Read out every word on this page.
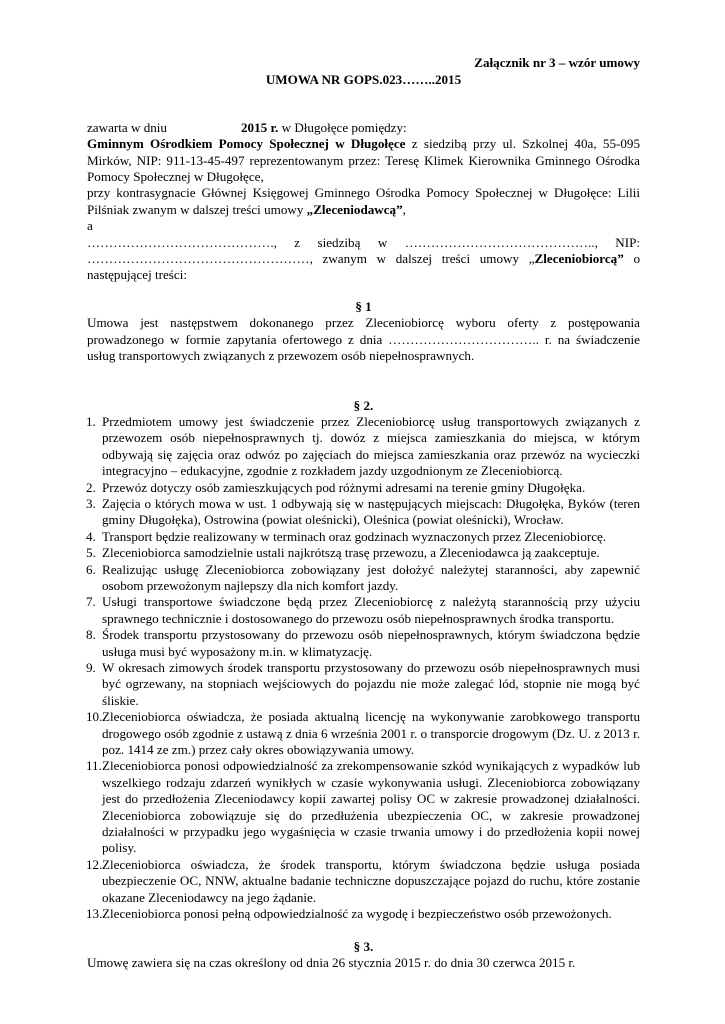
Załącznik nr 3 – wzór umowy
UMOWA NR GOPS.023……..2015
zawarta w dniu	2015 r. w Długołęce pomiędzy:
Gminnym Ośrodkiem Pomocy Społecznej w Długołęce z siedzibą przy ul. Szkolnej 40a, 55-095 Mirków, NIP: 911-13-45-497 reprezentowanym przez: Teresę Klimek Kierownika Gminnego Ośrodka Pomocy Społecznej w Długołęce,
przy kontrasygnacie Głównej Księgowej Gminnego Ośrodka Pomocy Społecznej w Długołęce: Lilii Pilśniak zwanym w dalszej treści umowy „Zleceniodawcą”,
a
……………………………………., z siedzibą w …………………………………….., NIP:
……………………………………………, zwanym w dalszej treści umowy „Zleceniobiorcą” o
następującej treści:
§ 1
Umowa jest następstwem dokonanego przez Zleceniobiorcę wyboru oferty z postępowania prowadzonego w formie zapytania ofertowego z dnia …………………………….. r. na świadczenie usług transportowych związanych z przewozem osób niepełnosprawnych.
§ 2.
1. Przedmiotem umowy jest świadczenie przez Zleceniobiorcę usług transportowych związanych z przewozem osób niepełnosprawnych tj. dowóz z miejsca zamieszkania do miejsca, w którym odbywają się zajęcia oraz odwóz po zajęciach do miejsca zamieszkania oraz przewóz na wycieczki integracyjno – edukacyjne, zgodnie z rozkładem jazdy uzgodnionym ze Zleceniobiorcą.
2. Przewóz dotyczy osób zamieszkujących pod różnymi adresami na terenie gminy Długołęka.
3. Zajęcia o których mowa w ust. 1 odbywają się w następujących miejscach: Długołęka, Byków (teren gminy Długołęka), Ostrowina (powiat oleśnicki), Oleśnica (powiat oleśnicki), Wrocław.
4. Transport będzie realizowany w terminach oraz godzinach wyznaczonych przez Zleceniobiorcę.
5. Zleceniobiorca samodzielnie ustali najkrótszą trasę przewozu, a Zleceniodawca ją zaakceptuje.
6. Realizując usługę Zleceniobiorca zobowiązany jest dołożyć należytej staranności, aby zapewnić osobom przewożonym najlepszy dla nich komfort jazdy.
7. Usługi transportowe świadczone będą przez Zleceniobiorcę z należytą starannością przy użyciu sprawnego technicznie i dostosowanego do przewozu osób niepełnosprawnych środka transportu.
8. Środek transportu przystosowany do przewozu osób niepełnosprawnych, którym świadczona będzie usługa musi być wyposażony m.in. w klimatyzację.
9. W okresach zimowych środek transportu przystosowany do przewozu osób niepełnosprawnych musi być ogrzewany, na stopniach wejściowych do pojazdu nie może zalegać lód, stopnie nie mogą być śliskie.
10. Zleceniobiorca oświadcza, że posiada aktualną licencję na wykonywanie zarobkowego transportu drogowego osób zgodnie z ustawą z dnia 6 września 2001 r. o transporcie drogowym (Dz. U. z 2013 r. poz. 1414 ze zm.) przez cały okres obowiązywania umowy.
11. Zleceniobiorca ponosi odpowiedzialność za zrekompensowanie szkód wynikających z wypadków lub wszelkiego rodzaju zdarzeń wynikłych w czasie wykonywania usługi. Zleceniobiorca zobowiązany jest do przedłożenia Zleceniodawcy kopii zawartej polisy OC w zakresie prowadzonej działalności. Zleceniobiorca zobowiązuje się do przedłużenia ubezpieczenia OC, w zakresie prowadzonej działalności w przypadku jego wygaśnięcia w czasie trwania umowy i do przedłożenia kopii nowej polisy.
12. Zleceniobiorca oświadcza, że środek transportu, którym świadczona będzie usługa posiada ubezpieczenie OC, NNW, aktualne badanie techniczne dopuszczające pojazd do ruchu, które zostanie okazane Zleceniodawcy na jego żądanie.
13. Zleceniobiorca ponosi pełną odpowiedzialność za wygodę i bezpieczeństwo osób przewożonych.
§ 3.
Umowę zawiera się na czas określony od dnia 26 stycznia 2015 r. do dnia 30 czerwca 2015 r.
